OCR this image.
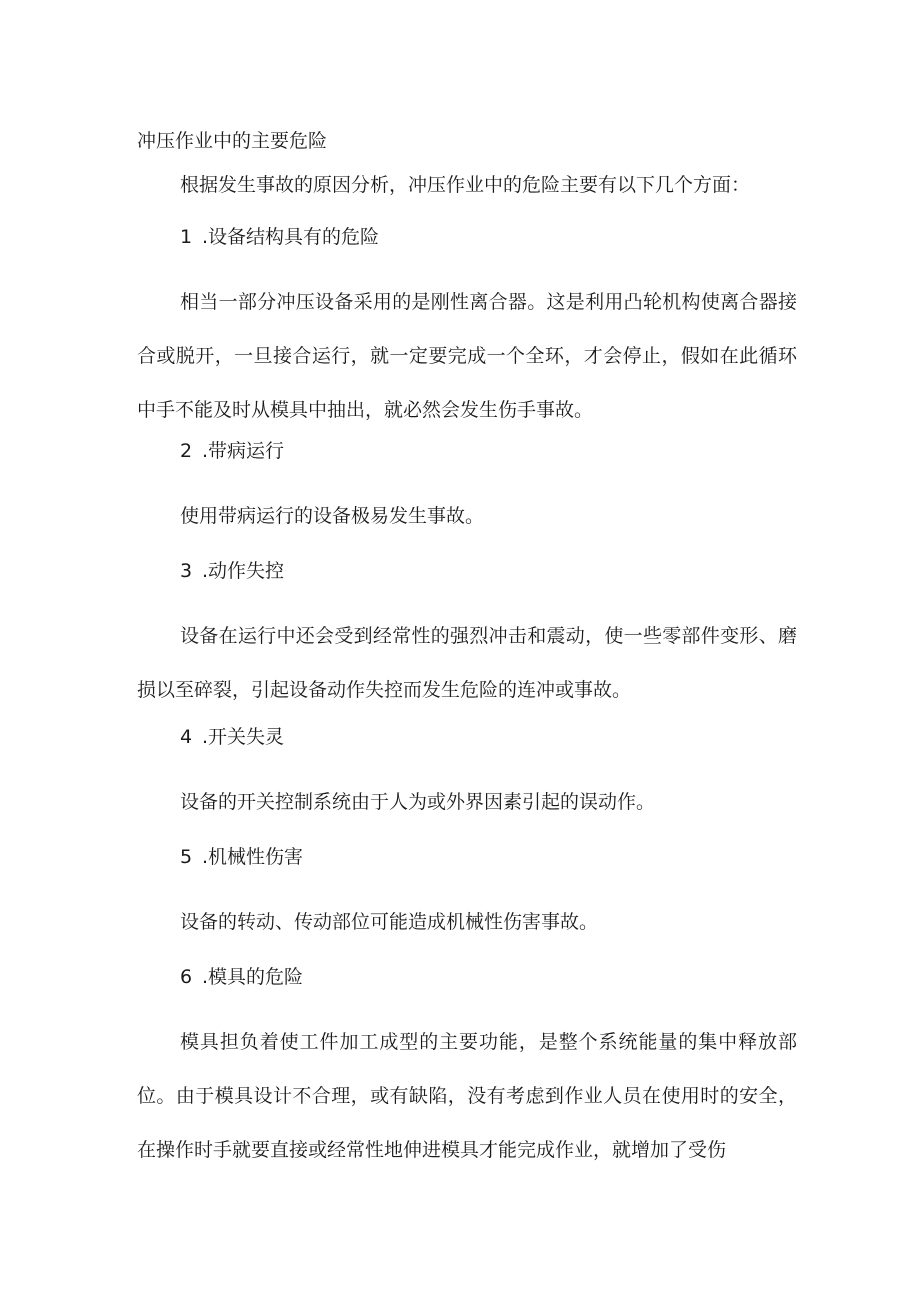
冲压作业中的主要危险

根据发生事故的原因分析，冲压作业中的危险主要有以下几个方面：

1 .设备结构具有的危险

相当一部分冲压设备采用的是刚性离合器。这是利用凸轮机构使离合器接合或脱开，一旦接合运行，就一定要完成一个全环，才会停止，假如在此循环中手不能及时从模具中抽出，就必然会发生伤手事故。

2 .带病运行

使用带病运行的设备极易发生事故。

3 .动作失控

设备在运行中还会受到经常性的强烈冲击和震动，使一些零部件变形、磨损以至碎裂，引起设备动作失控而发生危险的连冲或事故。

4 .开关失灵

设备的开关控制系统由于人为或外界因素引起的误动作。

5 .机械性伤害

设备的转动、传动部位可能造成机械性伤害事故。

6 .模具的危险

模具担负着使工件加工成型的主要功能，是整个系统能量的集中释放部位。由于模具设计不合理，或有缺陷，没有考虑到作业人员在使用时的安全，在操作时手就要直接或经常性地伸进模具才能完成作业，就增加了受伤
